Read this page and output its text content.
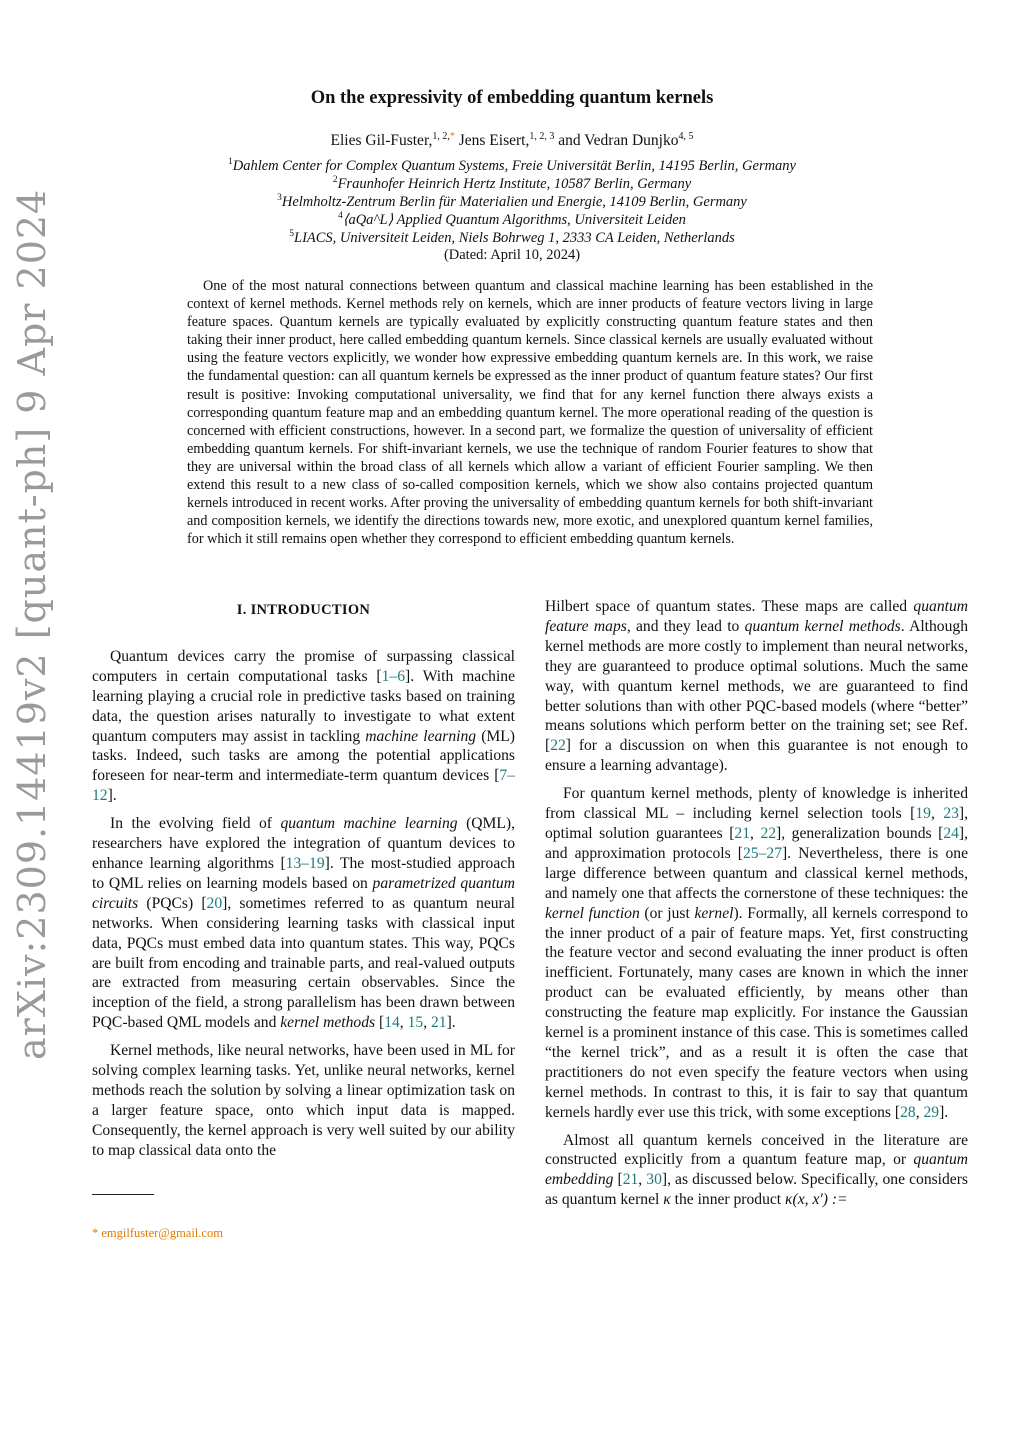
arXiv:2309.14419v2 [quant-ph] 9 Apr 2024
On the expressivity of embedding quantum kernels
Elies Gil-Fuster,$^{1, 2,*}$ Jens Eisert,$^{1, 2, 3}$ and Vedran Dunjko$^{4, 5}$
$^1$Dahlem Center for Complex Quantum Systems, Freie Universität Berlin, 14195 Berlin, Germany
$^2$Fraunhofer Heinrich Hertz Institute, 10587 Berlin, Germany
$^3$Helmholtz-Zentrum Berlin für Materialien und Energie, 14109 Berlin, Germany
$^4$⟨aQa^L⟩ Applied Quantum Algorithms, Universiteit Leiden
$^5$LIACS, Universiteit Leiden, Niels Bohrweg 1, 2333 CA Leiden, Netherlands
(Dated: April 10, 2024)
One of the most natural connections between quantum and classical machine learning has been established in the context of kernel methods. Kernel methods rely on kernels, which are inner products of feature vectors living in large feature spaces. Quantum kernels are typically evaluated by explicitly constructing quantum feature states and then taking their inner product, here called embedding quantum kernels. Since classical kernels are usually evaluated without using the feature vectors explicitly, we wonder how expressive embedding quantum kernels are. In this work, we raise the fundamental question: can all quantum kernels be expressed as the inner product of quantum feature states? Our first result is positive: Invoking computational universality, we find that for any kernel function there always exists a corresponding quantum feature map and an embedding quantum kernel. The more operational reading of the question is concerned with efficient constructions, however. In a second part, we formalize the question of universality of efficient embedding quantum kernels. For shift-invariant kernels, we use the technique of random Fourier features to show that they are universal within the broad class of all kernels which allow a variant of efficient Fourier sampling. We then extend this result to a new class of so-called composition kernels, which we show also contains projected quantum kernels introduced in recent works. After proving the universality of embedding quantum kernels for both shift-invariant and composition kernels, we identify the directions towards new, more exotic, and unexplored quantum kernel families, for which it still remains open whether they correspond to efficient embedding quantum kernels.
I. INTRODUCTION

Quantum devices carry the promise of surpassing classical computers in certain computational tasks [1–6]. With machine learning playing a crucial role in predictive tasks based on training data, the question arises naturally to investigate to what extent quantum computers may assist in tackling machine learning (ML) tasks. Indeed, such tasks are among the potential applications foreseen for near-term and intermediate-term quantum devices [7–12].

In the evolving field of quantum machine learning (QML), researchers have explored the integration of quantum devices to enhance learning algorithms [13–19]. The most-studied approach to QML relies on learning models based on parametrized quantum circuits (PQCs) [20], sometimes referred to as quantum neural networks. When considering learning tasks with classical input data, PQCs must embed data into quantum states. This way, PQCs are built from encoding and trainable parts, and real-valued outputs are extracted from measuring certain observables. Since the inception of the field, a strong parallelism has been drawn between PQC-based QML models and kernel methods [14, 15, 21].

Kernel methods, like neural networks, have been used in ML for solving complex learning tasks. Yet, unlike neural networks, kernel methods reach the solution by solving a linear optimization task on a larger feature space, onto which input data is mapped. Consequently, the kernel approach is very well suited by our ability to map classical data onto the

Hilbert space of quantum states. These maps are called quantum feature maps, and they lead to quantum kernel methods. Although kernel methods are more costly to implement than neural networks, they are guaranteed to produce optimal solutions. Much the same way, with quantum kernel methods, we are guaranteed to find better solutions than with other PQC-based models (where “better” means solutions which perform better on the training set; see Ref. [22] for a discussion on when this guarantee is not enough to ensure a learning advantage).

For quantum kernel methods, plenty of knowledge is inherited from classical ML – including kernel selection tools [19, 23], optimal solution guarantees [21, 22], generalization bounds [24], and approximation protocols [25–27]. Nevertheless, there is one large difference between quantum and classical kernel methods, and namely one that affects the cornerstone of these techniques: the kernel function (or just kernel). Formally, all kernels correspond to the inner product of a pair of feature maps. Yet, first constructing the feature vector and second evaluating the inner product is often inefficient. Fortunately, many cases are known in which the inner product can be evaluated efficiently, by means other than constructing the feature map explicitly. For instance the Gaussian kernel is a prominent instance of this case. This is sometimes called “the kernel trick”, and as a result it is often the case that practitioners do not even specify the feature vectors when using kernel methods. In contrast to this, it is fair to say that quantum kernels hardly ever use this trick, with some exceptions [28, 29].

Almost all quantum kernels conceived in the literature are constructed explicitly from a quantum feature map, or quantum embedding [21, 30], as discussed below. Specifically, one considers as quantum kernel κ the inner product κ(x, x′) :=

* emgilfuster@gmail.com
